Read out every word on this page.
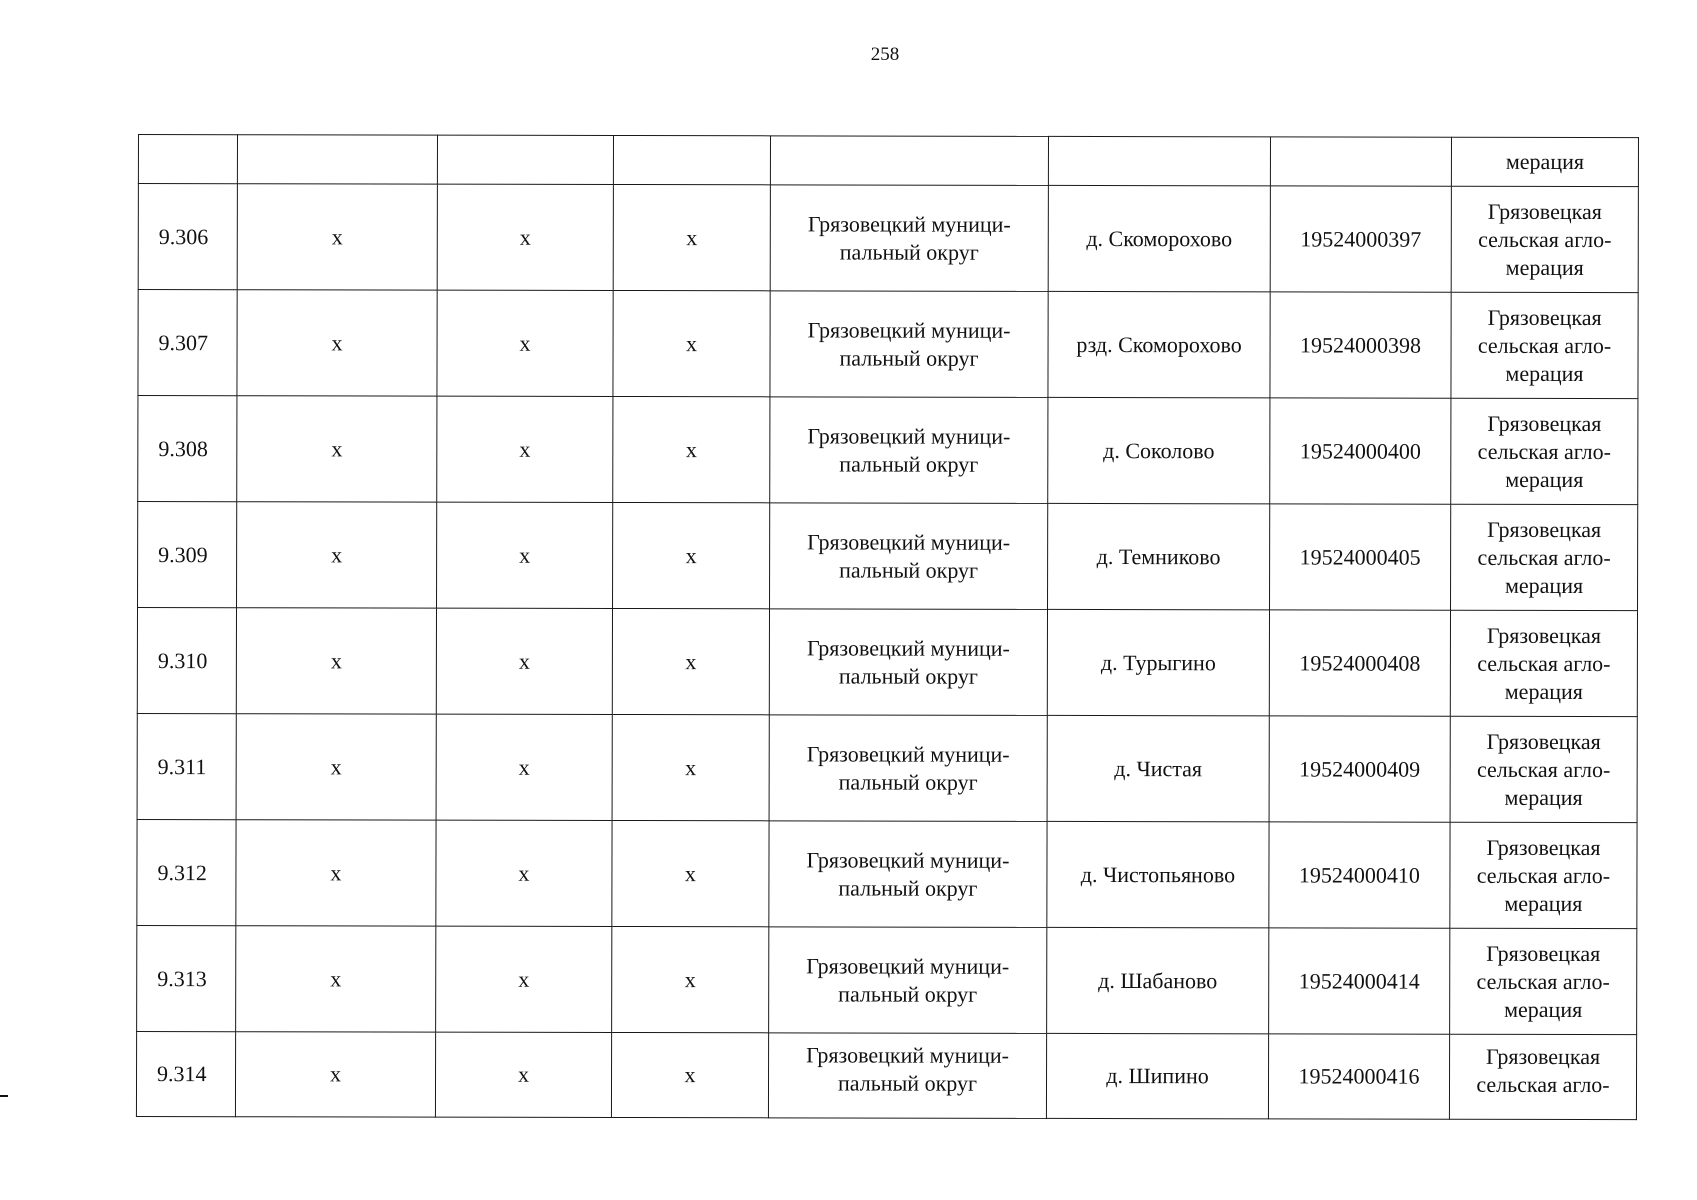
258
							мерация
9.306	х	х	х	Грязовецкий муници-пальный округ	д. Скоморохово	19524000397	Грязовецкая сельская агло-мерация
9.307	х	х	х	Грязовецкий муници-пальный округ	рзд. Скоморохово	19524000398	Грязовецкая сельская агло-мерация
9.308	х	х	х	Грязовецкий муници-пальный округ	д. Соколово	19524000400	Грязовецкая сельская агло-мерация
9.309	х	х	х	Грязовецкий муници-пальный округ	д. Темниково	19524000405	Грязовецкая сельская агло-мерация
9.310	х	х	х	Грязовецкий муници-пальный округ	д. Турыгино	19524000408	Грязовецкая сельская агло-мерация
9.311	х	х	х	Грязовецкий муници-пальный округ	д. Чистая	19524000409	Грязовецкая сельская агло-мерация
9.312	х	х	х	Грязовецкий муници-пальный округ	д. Чистопьяново	19524000410	Грязовецкая сельская агло-мерация
9.313	х	х	х	Грязовецкий муници-пальный округ	д. Шабаново	19524000414	Грязовецкая сельская агло-мерация
9.314	х	х	х	Грязовецкий муници-пальный округ	д. Шипино	19524000416	Грязовецкая сельская агло-
